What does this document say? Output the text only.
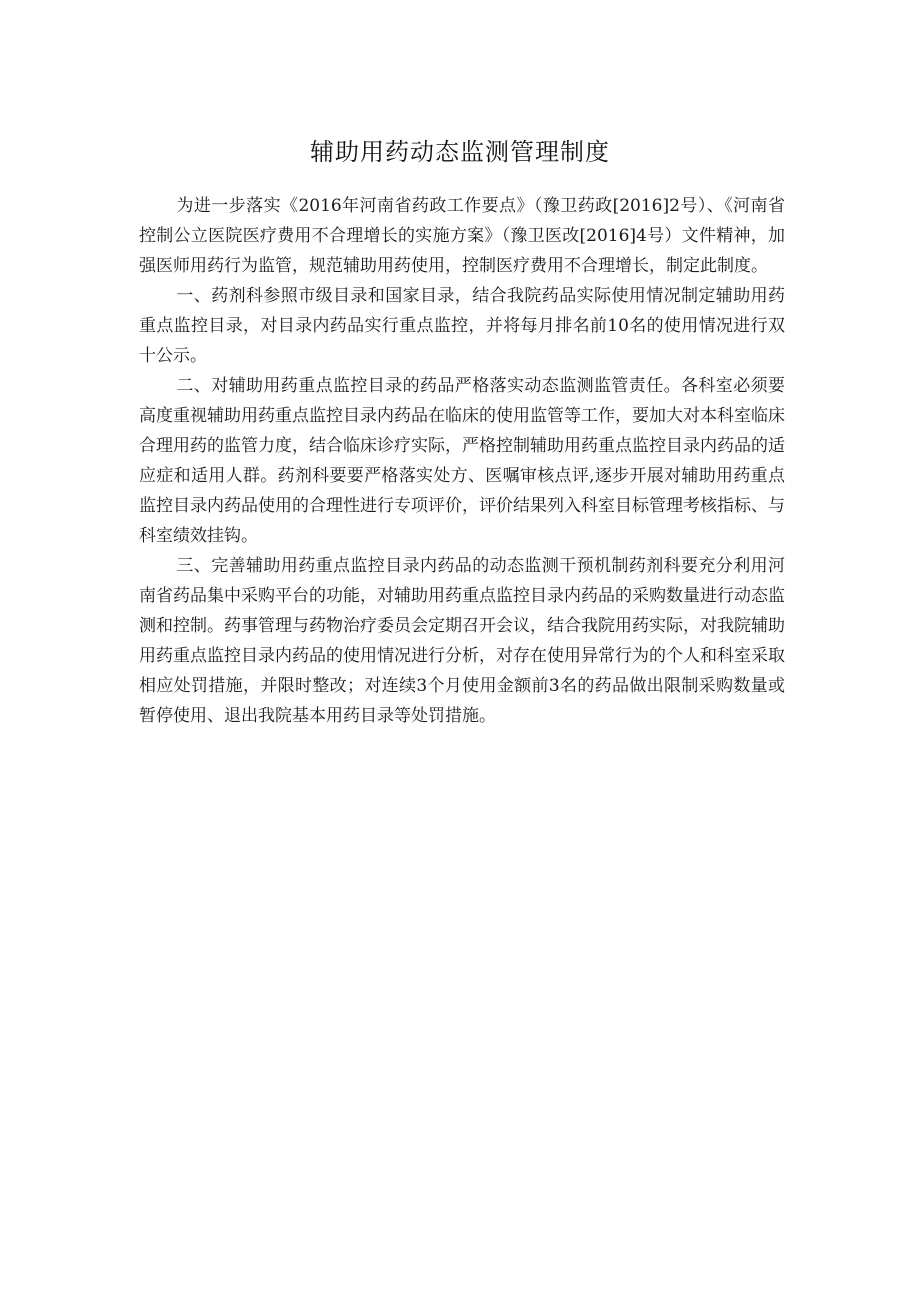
辅助用药动态监测管理制度

为进一步落实《2016年河南省药政工作要点》（豫卫药政[2016]2号）、《河南省控制公立医院医疗费用不合理增长的实施方案》（豫卫医改[2016]4号）文件精神，加强医师用药行为监管，规范辅助用药使用，控制医疗费用不合理增长，制定此制度。

一、药剂科参照市级目录和国家目录，结合我院药品实际使用情况制定辅助用药重点监控目录，对目录内药品实行重点监控，并将每月排名前10名的使用情况进行双十公示。

二、对辅助用药重点监控目录的药品严格落实动态监测监管责任。各科室必须要高度重视辅助用药重点监控目录内药品在临床的使用监管等工作，要加大对本科室临床合理用药的监管力度，结合临床诊疗实际，严格控制辅助用药重点监控目录内药品的适应症和适用人群。药剂科要要严格落实处方、医嘱审核点评,逐步开展对辅助用药重点监控目录内药品使用的合理性进行专项评价，评价结果列入科室目标管理考核指标、与科室绩效挂钩。

三、完善辅助用药重点监控目录内药品的动态监测干预机制药剂科要充分利用河南省药品集中采购平台的功能，对辅助用药重点监控目录内药品的采购数量进行动态监测和控制。药事管理与药物治疗委员会定期召开会议，结合我院用药实际，对我院辅助用药重点监控目录内药品的使用情况进行分析，对存在使用异常行为的个人和科室采取相应处罚措施，并限时整改；对连续3个月使用金额前3名的药品做出限制采购数量或暂停使用、退出我院基本用药目录等处罚措施。
